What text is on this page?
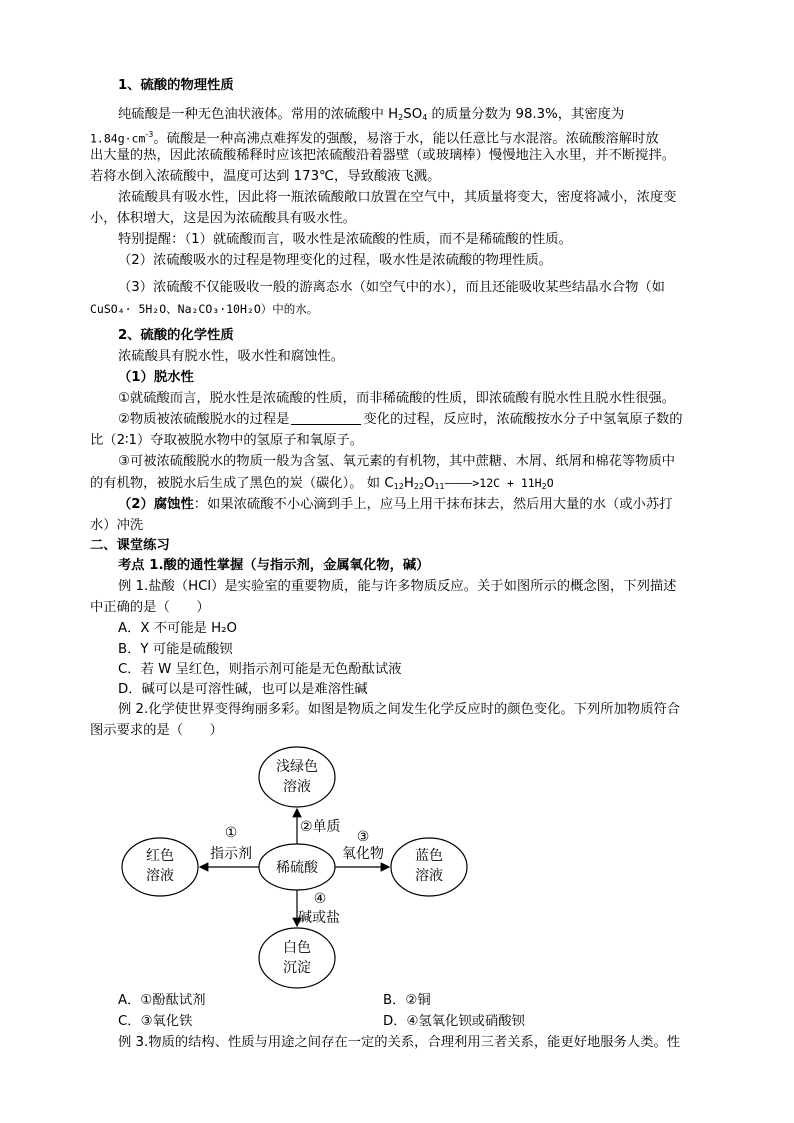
1、硫酸的物理性质
纯硫酸是一种无色油状液体。常用的浓硫酸中 $H_2SO_4$ 的质量分数为 98.3%，其密度为
$1.84g\cdot cm^{-3}$。硫酸是一种高沸点难挥发的强酸，易溶于水，能以任意比与水混溶。浓硫酸溶解时放
出大量的热，因此浓硫酸稀释时应该把浓硫酸沿着器壁（或玻璃棒）慢慢地注入水里，并不断搅拌。
若将水倒入浓硫酸中，温度可达到 173℃，导致酸液飞溅。
浓硫酸具有吸水性，因此将一瓶浓硫酸敞口放置在空气中，其质量将变大，密度将减小，浓度变
小，体积增大，这是因为浓硫酸具有吸水性。
特别提醒：（1）就硫酸而言，吸水性是浓硫酸的性质，而不是稀硫酸的性质。
（2）浓硫酸吸水的过程是物理变化的过程，吸水性是浓硫酸的物理性质。
（3）浓硫酸不仅能吸收一般的游离态水（如空气中的水），而且还能吸收某些结晶水合物（如
CuSO₄· 5H₂O、Na₂CO₃·10H₂O）中的水。
2、硫酸的化学性质
浓硫酸具有脱水性，吸水性和腐蚀性。
（1）脱水性
①就硫酸而言，脱水性是浓硫酸的性质，而非稀硫酸的性质，即浓硫酸有脱水性且脱水性很强。
②物质被浓硫酸脱水的过程是	变化的过程，反应时，浓硫酸按水分子中氢氧原子数的
比（2∶1）夺取被脱水物中的氢原子和氧原子。
③可被浓硫酸脱水的物质一般为含氢、氧元素的有机物，其中蔗糖、木屑、纸屑和棉花等物质中
的有机物，被脱水后生成了黑色的炭（碳化）。 如 $C_{12}H_{22}O_{11}————>12C + 11H_2O$
（2）腐蚀性：如果浓硫酸不小心滴到手上，应马上用干抹布抹去，然后用大量的水（或小苏打
水）冲洗
二、课堂练习
考点 1.酸的通性掌握（与指示剂，金属氧化物，碱）
例 1.盐酸（HCl）是实验室的重要物质，能与许多物质反应。关于如图所示的概念图，下列描述
中正确的是（　　）
A．X 不可能是 H₂O
B．Y 可能是硫酸钡
C．若 W 呈红色，则指示剂可能是无色酚酞试液
D．碱可以是可溶性碱，也可以是难溶性碱
例 2.化学使世界变得绚丽多彩。如图是物质之间发生化学反应时的颜色变化。下列所加物质符合
图示要求的是（　　）
稀硫酸
浅绿色
溶液
红色
溶液
蓝色
溶液
白色
沉淀
①
指示剂
②单质
③
氧化物
④
碱或盐
A．①酚酞试剂	B．②铜
C．③氧化铁	D．④氢氧化钡或硝酸钡
例 3.物质的结构、性质与用途之间存在一定的关系，合理利用三者关系，能更好地服务人类。性
